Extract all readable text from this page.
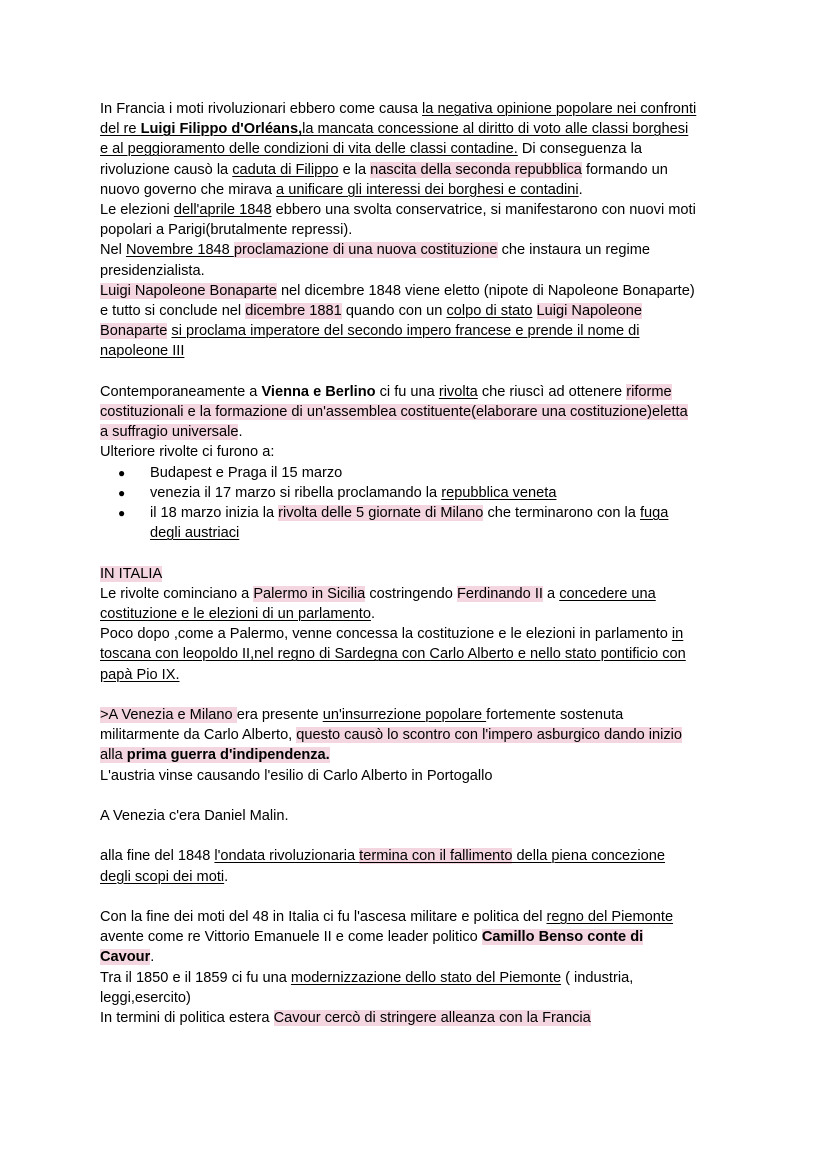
In Francia i moti rivoluzionari ebbero come causa la negativa opinione popolare nei confronti

del re Luigi Filippo d'Orléans,la mancata concessione al diritto di voto alle classi borghesi

e al peggioramento delle condizioni di vita delle classi contadine. Di conseguenza la

rivoluzione causò la caduta di Filippo e la nascita della seconda repubblica formando un

nuovo governo che mirava a unificare gli interessi dei borghesi e contadini.

Le elezioni dell'aprile 1848 ebbero una svolta conservatrice, si manifestarono con nuovi moti

popolari a Parigi(brutalmente repressi).

Nel Novembre 1848 proclamazione di una nuova costituzione che instaura un regime

presidenzialista.

Luigi Napoleone Bonaparte nel dicembre 1848 viene eletto (nipote di Napoleone Bonaparte)

e tutto si conclude nel dicembre 1881 quando con un colpo di stato Luigi Napoleone

Bonaparte si proclama imperatore del secondo impero francese e prende il nome di

napoleone III

Contemporaneamente a Vienna e Berlino ci fu una rivolta che riuscì ad ottenere riforme

costituzionali e la formazione di un'assemblea costituente(elaborare una costituzione)eletta

a suffragio universale.

Ulteriore rivolte ci furono a:

● Budapest e Praga il 15 marzo
● venezia il 17 marzo si ribella proclamando la repubblica veneta
● il 18 marzo inizia la rivolta delle 5 giornate di Milano che terminarono con la fuga
degli austriaci

IN ITALIA

Le rivolte cominciano a Palermo in Sicilia costringendo Ferdinando II a concedere una

costituzione e le elezioni di un parlamento.

Poco dopo ,come a Palermo, venne concessa la costituzione e le elezioni in parlamento in

toscana con leopoldo II,nel regno di Sardegna con Carlo Alberto e nello stato pontificio con

papà Pio IX.

>A Venezia e Milano era presente un'insurrezione popolare fortemente sostenuta

militarmente da Carlo Alberto, questo causò lo scontro con l'impero asburgico dando inizio

alla prima guerra d'indipendenza.

L'austria vinse causando l'esilio di Carlo Alberto in Portogallo

A Venezia c'era Daniel Malin.

alla fine del 1848 l'ondata rivoluzionaria termina con il fallimento della piena concezione

degli scopi dei moti.

Con la fine dei moti del 48 in Italia ci fu l'ascesa militare e politica del regno del Piemonte

avente come re Vittorio Emanuele II e come leader politico Camillo Benso conte di

Cavour.

Tra il 1850 e il 1859 ci fu una modernizzazione dello stato del Piemonte ( industria,

leggi,esercito)

In termini di politica estera Cavour cercò di stringere alleanza con la Francia
